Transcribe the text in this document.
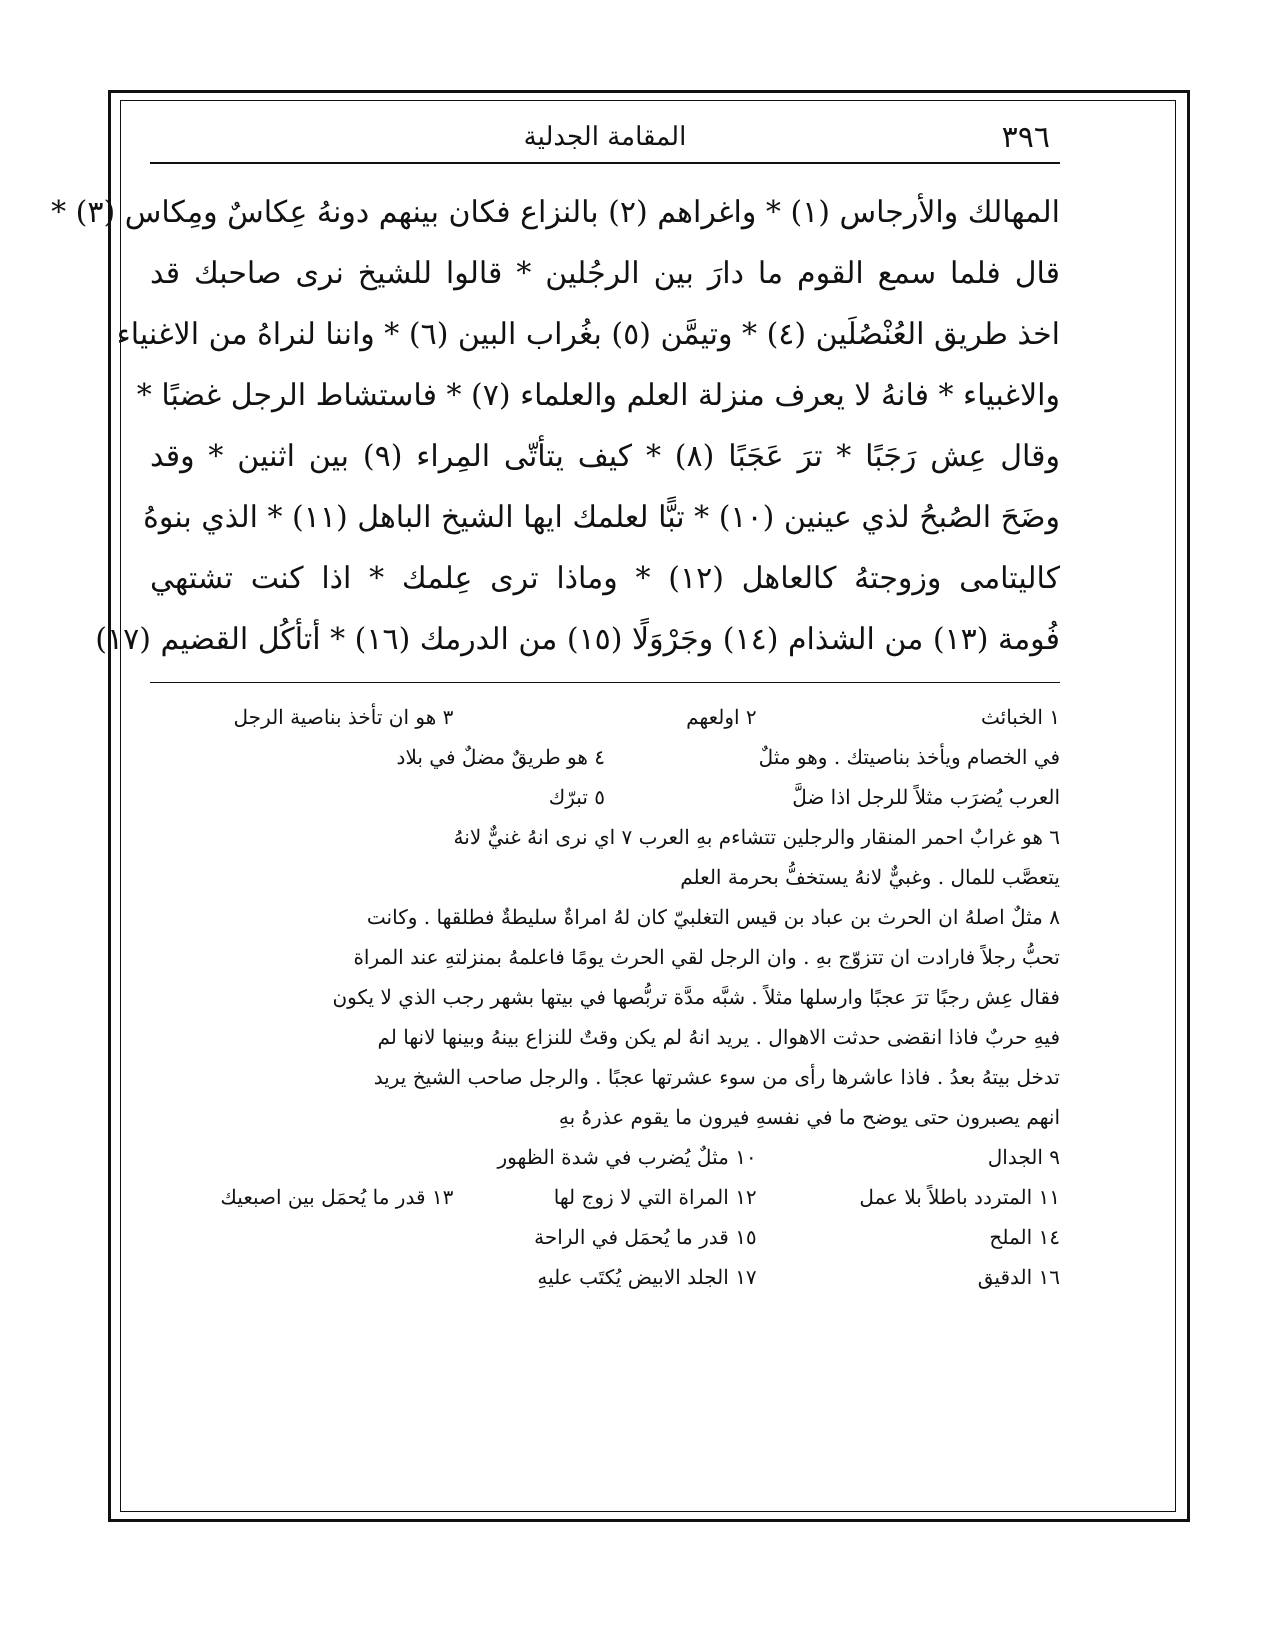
٣٩٦
المقامة الجدلية
المهالك والأرجاس (١) * واغراهم (٢) بالنزاع فكان بينهم دونهُ عِكاسٌ ومِكاس (٣) *
قال فلما سمع القوم ما دارَ بين الرجُلين * قالوا للشيخ نرى صاحبك قد
اخذ طريق العُنْصُلَين (٤) * وتيمَّن (٥) بغُراب البين (٦) * واننا لنراهُ من الاغنياء
والاغبياء * فانهُ لا يعرف منزلة العلم والعلماء (٧) * فاستشاط الرجل غضبًا *
وقال عِش رَجَبًا * ترَ عَجَبًا (٨) * كيف يتأتّى المِراء (٩) بين اثنين * وقد
وضَحَ الصُبحُ لذي عينين (١٠) * تبًّا لعلمك ايها الشيخ الباهل (١١) * الذي بنوهُ
كاليتامى وزوجتهُ كالعاهل (١٢) * وماذا ترى عِلمك * اذا كنت تشتهي
فُومة (١٣) من الشذام (١٤) وجَرْوَلًا (١٥) من الدرمك (١٦) * أتأكُل القضيم (١٧)
١ الخبائث
٢ اولعهم
٣ هو ان تأخذ بناصية الرجل
في الخصام ويأخذ بناصيتك . وهو مثلٌ
٤ هو طريقٌ مضلٌ في بلاد
العرب يُضرَب مثلاً للرجل اذا ضلَّ
٥ تبرّك
٦ هو غرابٌ احمر المنقار والرجلين تتشاءم بهِ العرب ٧ اي نرى انهُ غنيٌّ لانهُ
يتعصَّب للمال . وغبيٌّ لانهُ يستخفُّ بحرمة العلم
٨ مثلٌ اصلهُ ان الحرث بن عباد بن قيس التغلبيّ كان لهُ امراةٌ سليطةٌ فطلقها . وكانت
تحبُّ رجلاً فارادت ان تتزوّج بهِ . وان الرجل لقي الحرث يومًا فاعلمهُ بمنزلتهِ عند المراة
فقال عِش رجبًا ترَ عجبًا وارسلها مثلاً . شبَّه مدَّة تربُّصها في بيتها بشهر رجب الذي لا يكون
فيهِ حربٌ فاذا انقضى حدثت الاهوال . يريد انهُ لم يكن وقتٌ للنزاع بينهُ وبينها لانها لم
تدخل بيتهُ بعدُ . فاذا عاشرها رأى من سوء عشرتها عجبًا . والرجل صاحب الشيخ يريد
انهم يصبرون حتى يوضح ما في نفسهِ فيرون ما يقوم عذرهُ بهِ
٩ الجدال
١٠ مثلٌ يُضرب في شدة الظهور
١١ المتردد باطلاً بلا عمل
١٢ المراة التي لا زوج لها
١٣ قدر ما يُحمَل بين اصبعيك
١٤ الملح
١٥ قدر ما يُحمَل في الراحة
١٦ الدقيق
١٧ الجلد الابيض يُكتَب عليهِ
